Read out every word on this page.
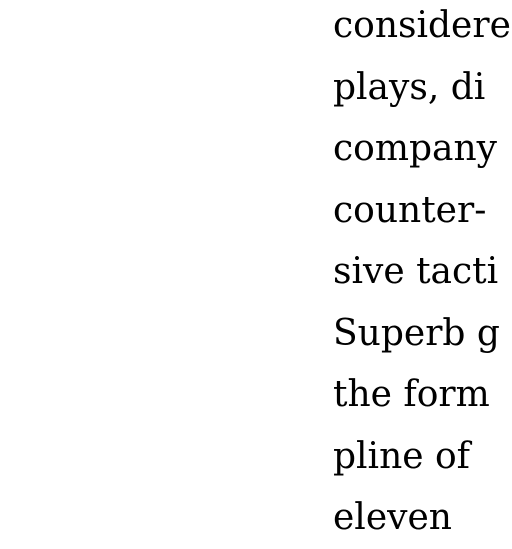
considere
plays, di
company
counter-
sive tacti
Superb g
the form
pline of
eleven
